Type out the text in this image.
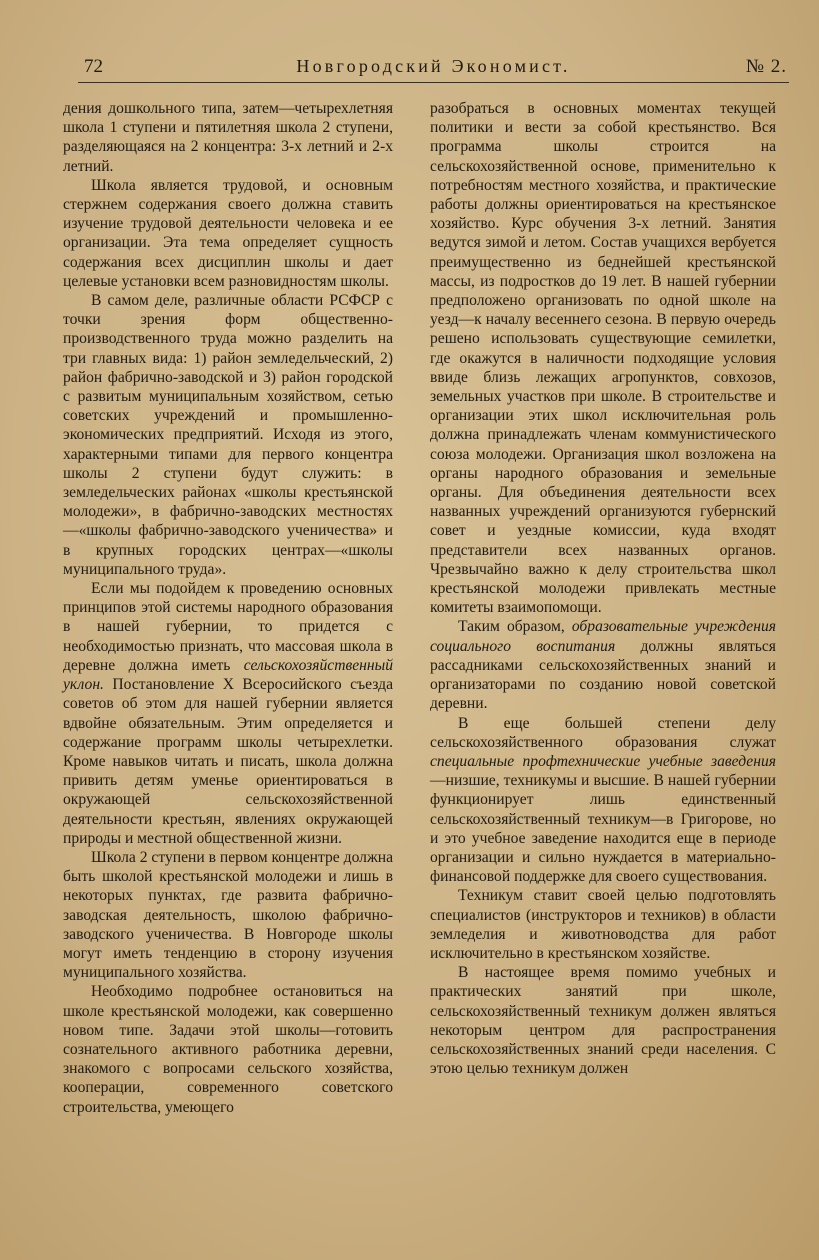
72	Новгородский Экономист.	№ 2.

дения дошкольного типа, затем—четырехлетняя школа 1 ступени и пятилетняя школа 2 ступени, разделяющаяся на 2 концентра: 3-х летний и 2-х летний.

Школа является трудовой, и основным стержнем содержания своего должна ставить изучение трудовой деятельности человека и ее организации. Эта тема определяет сущность содержания всех дисциплин школы и дает целевые установки всем разновидностям школы.

В самом деле, различные области РСФСР с точки зрения форм общественно-производственного труда можно разделить на три главных вида: 1) район земледельческий, 2) район фабрично-заводской и 3) район городской с развитым муниципальным хозяйством, сетью советских учреждений и промышленно-экономических предприятий. Исходя из этого, характерными типами для первого концентра школы 2 ступени будут служить: в земледельческих районах «школы крестьянской молодежи», в фабрично-заводских местностях—«школы фабрично-заводского ученичества» и в крупных городских центрах—«школы муниципального труда».

Если мы подойдем к проведению основных принципов этой системы народного образования в нашей губернии, то придется с необходимостью признать, что массовая школа в деревне должна иметь сельскохозяйственный уклон. Постановление X Всеросийского съезда советов об этом для нашей губернии является вдвойне обязательным. Этим определяется и содержание программ школы четырехлетки. Кроме навыков читать и писать, школа должна привить детям уменье ориентироваться в окружающей сельскохозяйственной деятельности крестьян, явлениях окружающей природы и местной общественной жизни.

Школа 2 ступени в первом концентре должна быть школой крестьянской молодежи и лишь в некоторых пунктах, где развита фабрично-заводская деятельность, школою фабрично-заводского ученичества. В Новгороде школы могут иметь тенденцию в сторону изучения муниципального хозяйства.

Необходимо подробнее остановиться на школе крестьянской молодежи, как совершенно новом типе. Задачи этой школы—готовить сознательного активного работника деревни, знакомого с вопросами сельского хозяйства, кооперации, современного советского строительства, умеющего

разобраться в основных моментах текущей политики и вести за собой крестьянство. Вся программа школы строится на сельскохозяйственной основе, применительно к потребностям местного хозяйства, и практические работы должны ориентироваться на крестьянское хозяйство. Курс обучения 3-х летний. Занятия ведутся зимой и летом. Состав учащихся вербуется преимущественно из беднейшей крестьянской массы, из подростков до 19 лет. В нашей губернии предположено организовать по одной школе на уезд—к началу весеннего сезона. В первую очередь решено использовать существующие семилетки, где окажутся в наличности подходящие условия ввиде близь лежащих агропунктов, совхозов, земельных участков при школе. В строительстве и организации этих школ исключительная роль должна принадлежать членам коммунистического союза молодежи. Организация школ возложена на органы народного образования и земельные органы. Для объединения деятельности всех названных учреждений организуются губернский совет и уездные комиссии, куда входят представители всех названных органов. Чрезвычайно важно к делу строительства школ крестьянской молодежи привлекать местные комитеты взаимопомощи.

Таким образом, образовательные учреждения социального воспитания должны являться рассадниками сельскохозяйственных знаний и организаторами по созданию новой советской деревни.

В еще большей степени делу сельскохозяйственного образования служат специальные профтехнические учебные заведения—низшие, техникумы и высшие. В нашей губернии функционирует лишь единственный сельскохозяйственный техникум—в Григорове, но и это учебное заведение находится еще в периоде организации и сильно нуждается в материально-финансовой поддержке для своего существования.

Техникум ставит своей целью подготовлять специалистов (инструкторов и техников) в области земледелия и животноводства для работ исключительно в крестьянском хозяйстве.

В настоящее время помимо учебных и практических занятий при школе, сельскохозяйственный техникум должен являться некоторым центром для распространения сельскохозяйственных знаний среди населения. С этою целью техникум должен
